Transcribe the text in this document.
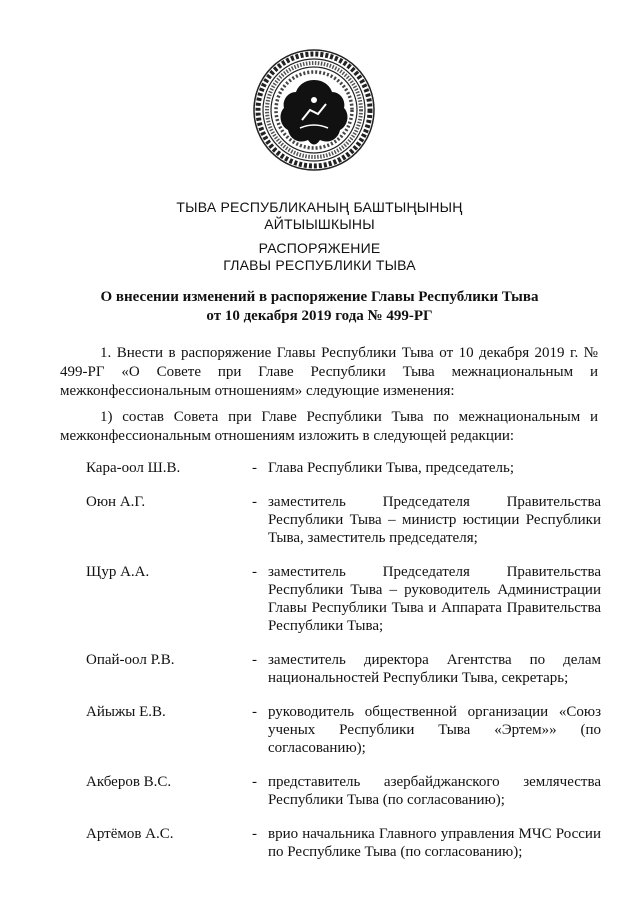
ТЫВА РЕСПУБЛИКАНЫҢ БАШТЫҢЫНЫҢ
АЙТЫЫШКЫНЫ
РАСПОРЯЖЕНИЕ
ГЛАВЫ РЕСПУБЛИКИ ТЫВА
О внесении изменений в распоряжение Главы Республики Тыва
от 10 декабря 2019 года № 499-РГ
1. Внести в распоряжение Главы Республики Тыва от 10 декабря 2019 г. № 499-РГ «О Совете при Главе Республики Тыва межнациональным и межконфессиональным отношениям» следующие изменения:
1) состав Совета при Главе Республики Тыва по межнациональным и межконфессиональным отношениям изложить в следующей редакции:
Кара-оол Ш.В.	- Глава Республики Тыва, председатель;
Оюн А.Г.	- заместитель Председателя Правительства Республики Тыва – министр юстиции Республики Тыва, заместитель председателя;
Щур А.А.	- заместитель Председателя Правительства Республики Тыва – руководитель Администрации Главы Республики Тыва и Аппарата Правительства Республики Тыва;
Опай-оол Р.В.	- заместитель директора Агентства по делам национальностей Республики Тыва, секретарь;
Айыжы Е.В.	- руководитель общественной организации «Союз ученых Республики Тыва «Эртем»» (по согласованию);
Акберов В.С.	- представитель азербайджанского землячества Республики Тыва (по согласованию);
Артёмов А.С.	- врио начальника Главного управления МЧС России по Республике Тыва (по согласованию);
